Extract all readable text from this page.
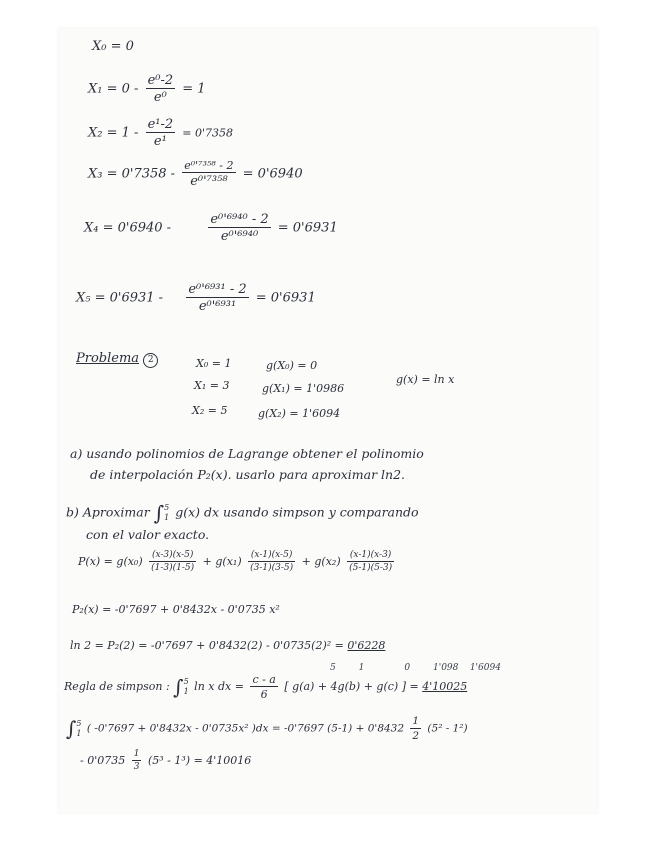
X₀ = 0
$X_1 = 0 - \frac{\text{e⁰-2}}{\text{e⁰}} = 1$
$X_2 = 1 - \frac{\text{e¹-2}}{\text{e¹}} = 0'7358$
$X_3 = 0'7358 - \frac{\text{e⁰'⁷³⁵⁸ - 2}}{\text{e⁰'⁷³⁵⁸}} = 0'6940$
X₄ = 0'6940 -	$\frac{\text{e⁰'⁶⁹⁴⁰ - 2}}{\text{e⁰'⁶⁹⁴⁰}} = 0'6931$
$X_5 = 0'6931 - \frac{\text{e⁰'⁶⁹³¹ - 2}}{\text{e⁰'⁶⁹³¹}} = 0'6931$
Problema 2	X₀ = 1	g(X₀) = 0
X₁ = 3	g(X₁) = 1'0986
X₂ = 5	g(X₂) = 1'6094
g(x) = ln x
a) usando polinomios de Lagrange obtener el polinomio
de interpolación P₂(x). usarlo para aproximar ln2.
b) Aproximar ∫ 5
1 g(x) dx usando simpson y comparando
con el valor exacto.
$P(x) = g(x_0) \frac{(x-3)(x-5)}{(1-3)(1-5)} + g(x_1) \frac{(x-1)(x-5)}{(3-1)(3-5)} + g(x_2) \frac{(x-1)(x-3)}{(5-1)(5-3)}$
P₂(x) = -0'7697 + 0'8432x - 0'0735 x²
ln 2 = P₂(2) = -0'7697 + 0'8432(2) - 0'0735(2)² = 0'6228
5        1              0        1'098    1'6094
Regla de simpson : ∫ 5
1 ln x dx = $\frac{c - a}{6}$ [ g(a) + 4g(b) + g(c) ] = 4'10025
∫ 5
1 ( -0'7697 + 0'8432x - 0'0735x² )dx = -0'7697 $(5-1) + 0'8432 \frac{1}{2} (5^2 - 1^2)$
- $0'0735 \frac{1}{3} (5^3 - 1^3) = 4'10016$
